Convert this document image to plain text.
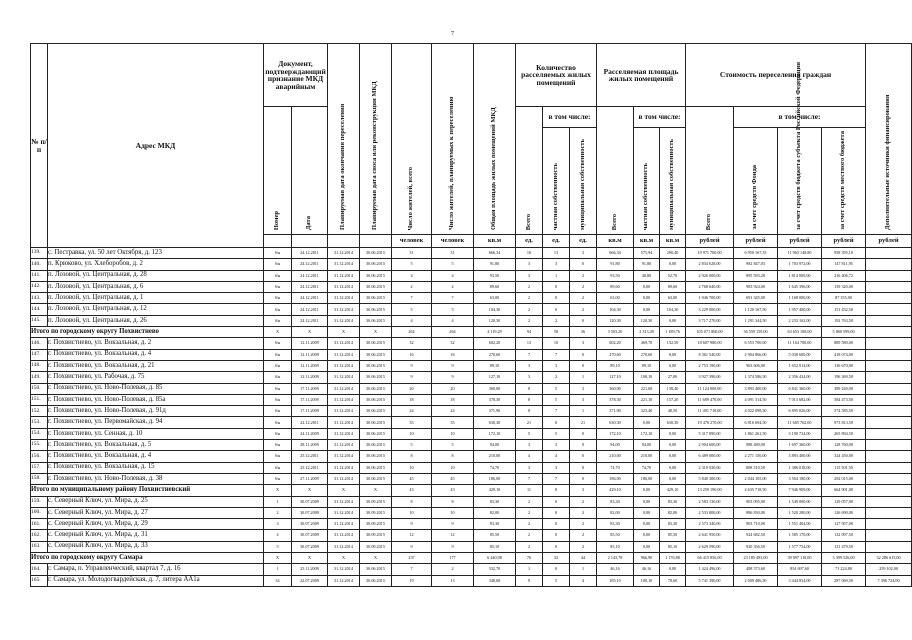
7
№ п/п	Адрес МКД	Документ, подтверждающий признание МКД аварийным		Планируемая дата окончания переселения	Планируемая дата сноса или реконструкции МКД	Число жителей, всего	Число жителей, планируемых к переселению	Общая площадь жилых помещений МКД	Количество расселяемых жилых помещений			Расселяемая площадь жилых помещений			Стоимость переселения граждан				Дополнительные источники финансирования
		Номер	Дата						Всего	в том числе:		Всего	в том числе:		Всего	в том числе:			
										частная собственность	муниципальная собственность		частная собственность	муниципальная собственность		за счет средств Фонда	за счет средств бюджета субъекта Российской Федерации	за счет средств местного бюджета	
						человек	человек	кв.м	ед.	ед.	ед.	кв.м	кв.м	кв.м	рублей	рублей	рублей	рублей	рублей
139.	с. Пестравка, ул. 50 лет Октября, д. 123	б/н	24.12.2011	31.12.2014	30.06.2015	31	31	666,34	16	13	3	666,34	575,94	290,40	19 971 700,00	6 950 167,35	11 963 148,80	958 395,10	
140.	п. Крюково, ул. Хлеборобов, д. 2	б/н	24.12.2011	31.12.2014	30.06.2015	5	5	91,80	3	3	0	91,80	91,80	0,00	2 834 628,00	982 847,03	1 703 972,00	147 811,95	
141.	п. Лозовой, ул. Центральная, д. 28	б/н	24.12.2011	31.12.2014	30.06.2015	4	4	93,50	3	1	2	93,50	40,80	52,70	2 926 000,00	895 593,28	1 814 000,00	216 406,72	
142.	п. Лозовой, ул. Центральная, д. 6	б/н	24.12.2011	31.12.2014	30.06.2015	2	2	89,60	2	0	2	89,60	0,00	89,60	2 768 640,00	983 924,00	1 645 396,00	139 320,00	
143.	п. Лозовой, ул. Центральная, д. 1	б/н	24.12.2011	31.12.2014	30.06.2015	7	7	63,00	2	0	2	63,00	0,00	63,00	1 946 700,00	691 345,00	1 168 000,00	87 355,00	
144.	п. Лозовой, ул. Центральная, д. 12	б/н	24.12.2011	31.12.2014	30.06.2015	5	5	104,30	2	0	2	104,30	0,00	104,30	3 229 000,00	1 120 167,50	1 957 400,00	151 432,50	
145.	п. Лозовой, ул. Центральная, д. 26	б/н	24.12.2011	31.12.2014	30.06.2015	4	4	120,30	2	2	0	120,30	120,30	0,00	3 717 270,00	1 291 344,50	2 233 162,00	192 763,50	
Итого по городскому округу Похвистнево		X	X	X	X	264	264	4 119,29	94	58	36	3 503,20	2 313,49	1 189,76	105 071 860,00	36 559 159,00	63 653 108,00	5 860 599,00	
146.	г. Похвистнево, ул. Вокзальная, д. 2	б/н	12.11.2009	31.12.2014	30.06.2015	32	32	602,20	13	10	3	602,20	469,70	132,50	18 607 980,00	6 553 700,00	11 164 700,00	889 580,00	
147.	г. Похвистнево, ул. Вокзальная, д. 4	б/н	12.11.2009	31.12.2014	30.06.2015	16	16	270,60	7	7	0	270,60	270,60	0,00	8 361 540,00	2 904 866,00	5 038 600,00	418 074,00	
148.	г. Похвистнево, ул. Вокзальная, д. 21	б/н	12.11.2009	31.12.2014	30.06.2015	9	9	89,10	3	3	0	89,10	89,10	0,00	2 753 190,00	963 606,00	1 652 914,00	136 670,00	
149.	г. Похвистнево, ул. Рабочая, д. 75	б/н	12.11.2009	31.12.2014	30.06.2015	9	9	127,10	3	2	1	127,10	100,10	27,00	3 927 390,00	1 374 586,50	2 356 434,00	196 369,50	
150.	г. Похвистнево, ул. Ново-Полевая, д. 85	б/н	17.11.2009	31.12.2014	30.06.2015	20	20	360,00	8	5	3	360,00	221,60	138,40	11 124 000,00	3 893 400,00	6 841 360,00	389 240,00	
151.	г. Похвистнево, ул. Ново-Полевая, д. 85а	б/н	17.11.2009	31.12.2014	30.06.2015	18	18	378,30	8	5	3	378,30	221,10	157,20	11 689 470,00	4 091 314,50	7 013 682,00	584 473,50	
152.	г. Похвистнево, ул. Ново-Полевая, д. 91д	б/н	17.11.2009	31.12.2014	30.06.2015	24	24	371,90	8	7	1	371,90	323,40	48,50	11 491 710,00	4 022 098,50	6 895 026,00	574 585,50	
153.	г. Похвистнево, ул. Первомайская, д. 94	б/н	22.12.2011	31.12.2014	30.06.2015	35	35	630,30	21	0	21	630,30	0,00	630,30	19 476 270,00	6 816 694,50	11 685 762,00	973 813,50	
154.	г. Похвистнево, ул. Сенная, д. 10	б/н	24.11.2009	31.12.2014	30.06.2015	10	10	172,10	5	5	0	172,10	172,10	0,00	5 317 890,00	1 861 261,50	3 190 734,00	265 894,50	
155.	г. Похвистнево, ул. Вокзальная, д. 5	б/н	28.11.2009	31.12.2014	30.06.2015	5	5	94,00	3	3	0	94,00	94,00	0,00	2 904 600,00	988 480,00	1 697 360,00	128 760,00	
156.	г. Похвистнево, ул. Вокзальная, д. 4	б/н	25.12.2011	31.12.2014	30.06.2015	8	8	210,00	4	4	0	210,00	210,00	0,00	6 489 000,00	2 271 150,00	3 893 400,00	324 450,00	
157.	г. Похвистнево, ул. Вокзальная, д. 15	б/н	25.12.2011	31.12.2014	30.06.2015	10	10	74,70	3	3	0	74,70	74,70	0,00	2 310 030,00	808 510,50	1 386 018,00	115 501,50	
158.	г. Похвистнево, ул. Ново-Полевая, д. 38	б/н	27.11.2009	31.12.2014	30.06.2015	45	45	186,00	7	7	0	186,00	186,00	0,00	5 840 300,00	2 044 105,00	3 504 180,00	292 015,00	
Итого по муниципальному району Похвистневский		X	X	X	X	43	43	429,10	11	8	3	429,10	0,00	429,10	13 259 190,00	4 635 718,50	7 946 909,00	664 901,00	
159.	с. Северный Ключ, ул. Мира, д. 25	1	30.07.2009	31.12.2014	30.09.2015	8	8	83,30	2	0	2	83,30	0,00	83,30	2 583 130,00	903 095,00	1 549 000,00	129 057,00	
160.	с. Северный Ключ, ул. Мира, д. 27	2	30.07.2009	31.12.2014	30.09.2015	10	10	82,00	2	0	2	82,00	0,00	82,00	2 533 800,00	886 830,00	1 520 280,00	126 690,00	
161.	с. Северный Ключ, ул. Мира, д. 29	3	30.07.2009	31.12.2014	30.09.2015	9	9	83,30	2	0	2	83,30	0,00	83,30	2 573 340,00	903 710,00	1 551 404,00	127 957,00	
162.	с. Северный Ключ, ул. Мира, д. 31	4	30.07.2009	31.12.2014	30.09.2015	12	12	85,50	2	0	2	85,50	0,00	85,50	2 641 950,00	924 682,50	1 585 170,00	132 097,50	
163.	с. Северный Ключ, ул. Мира, д. 33	5	30.07.2009	31.12.2014	30.09.2015	9	9	85,10	2	0	2	85,10	0,00	85,10	2 629 590,00	920 356,50	1 577 754,00	131 479,50	
Итого по городскому округу Самара		X	X	X	X	237	177	6 440,98	76	32	44	2 143,78	966,90	1 176,88	66 415 856,00	23 185 493,00	39 997 110,00	3 399 526,00	32 286 615,00
164.	г. Самара, п. Управленческий, квартал 7, д. 16	1	25.11.2009	31.12.2014	30.06.2015	7	2	332,70	1	0	1	46,16	46,16	0,00	1 424 496,00	498 573,60	854 697,60	71 224,80	259 102,00
165.	г. Самара, ул. Молодогвардейская, д. 7, литера АА1а	34	22.07.2009	31.12.2014	30.06.2015	19	13	348,60	9	5	4	185,10	100,10	78,60	5 741 390,00	2 009 486,50	3 444 834,00	287 069,50	7 396 724,00
